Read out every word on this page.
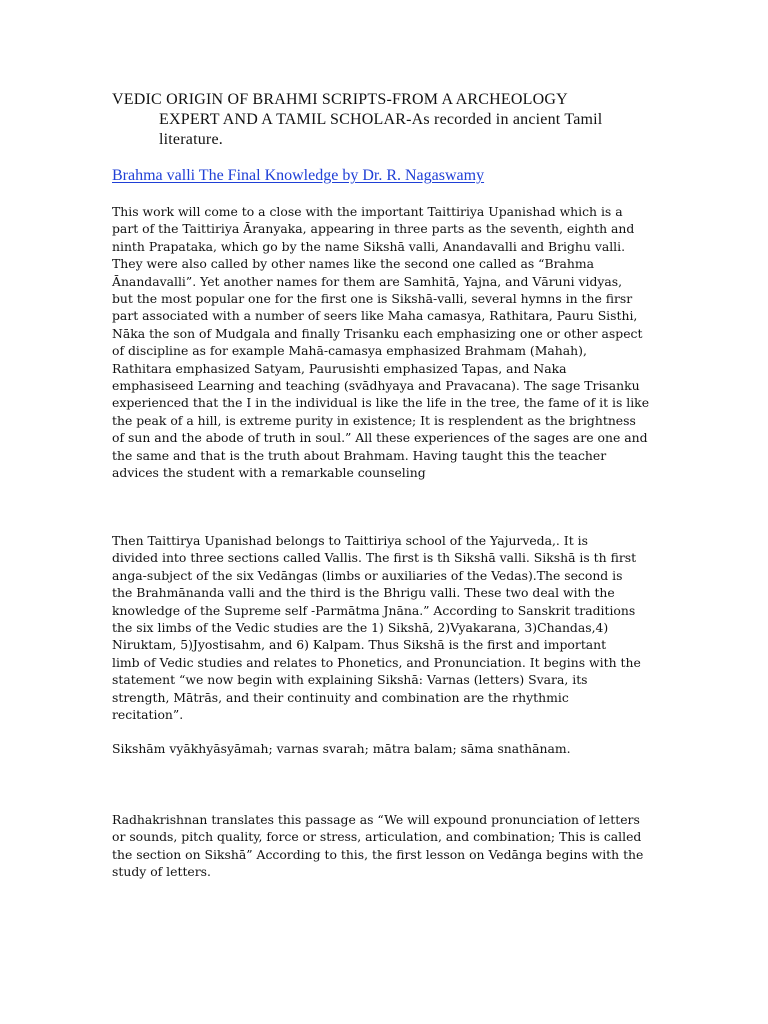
VEDIC ORIGIN OF BRAHMI SCRIPTS-FROM A ARCHEOLOGY
EXPERT AND A TAMIL SCHOLAR-As recorded in ancient Tamil
literature.
Brahma valli The Final Knowledge by Dr. R. Nagaswamy

This work will come to a close with the important Taittiriya Upanishad which is a
part of the Taittiriya Āranyaka, appearing in three parts as the seventh, eighth and
ninth Prapataka, which go by the name Sikshā valli, Anandavalli and Brighu valli.
They were also called by other names like the second one called as “Brahma
Ānandavalli”. Yet another names for them are Samhitā, Yajna, and Vāruni vidyas,
but the most popular one for the first one is Sikshā-valli, several hymns in the firsr
part associated with a number of seers like Maha camasya, Rathitara, Pauru Sisthi,
Nāka the son of Mudgala and finally Trisanku each emphasizing one or other aspect
of discipline as for example Mahā-camasya emphasized Brahmam (Mahah),
Rathitara emphasized Satyam, Paurusishti emphasized Tapas, and Naka
emphasiseed Learning and teaching (svādhyaya and Pravacana). The sage Trisanku
experienced that the I in the individual is like the life in the tree, the fame of it is like
the peak of a hill, is extreme purity in existence; It is resplendent as the brightness
of sun and the abode of truth in soul.” All these experiences of the sages are one and
the same and that is the truth about Brahmam. Having taught this the teacher
advices the student with a remarkable counseling

Then Taittirya Upanishad belongs to Taittiriya school of the Yajurveda,. It is
divided into three sections called Vallis. The first is th Sikshā valli. Sikshā is th first
anga-subject of the six Vedāngas (limbs or auxiliaries of the Vedas).The second is
the Brahmānanda valli and the third is the Bhrigu valli. These two deal with the
knowledge of the Supreme self -Parmātma Jnāna.” According to Sanskrit traditions
the six limbs of the Vedic studies are the 1) Sikshā, 2)Vyakarana, 3)Chandas,4)
Niruktam, 5)Jyostisahm, and 6) Kalpam. Thus Sikshā is the first and important
limb of Vedic studies and relates to Phonetics, and Pronunciation. It begins with the
statement “we now begin with explaining Sikshā: Varnas (letters) Svara, its
strength, Mātrās, and their continuity and combination are the rhythmic
recitation”.

Sikshām vyākhyāsyāmah; varnas svarah; mātra balam; sāma snathānam.

Radhakrishnan translates this passage as “We will expound pronunciation of letters
or sounds, pitch quality, force or stress, articulation, and combination; This is called
the section on Sikshā” According to this, the first lesson on Vedānga begins with the
study of letters.
